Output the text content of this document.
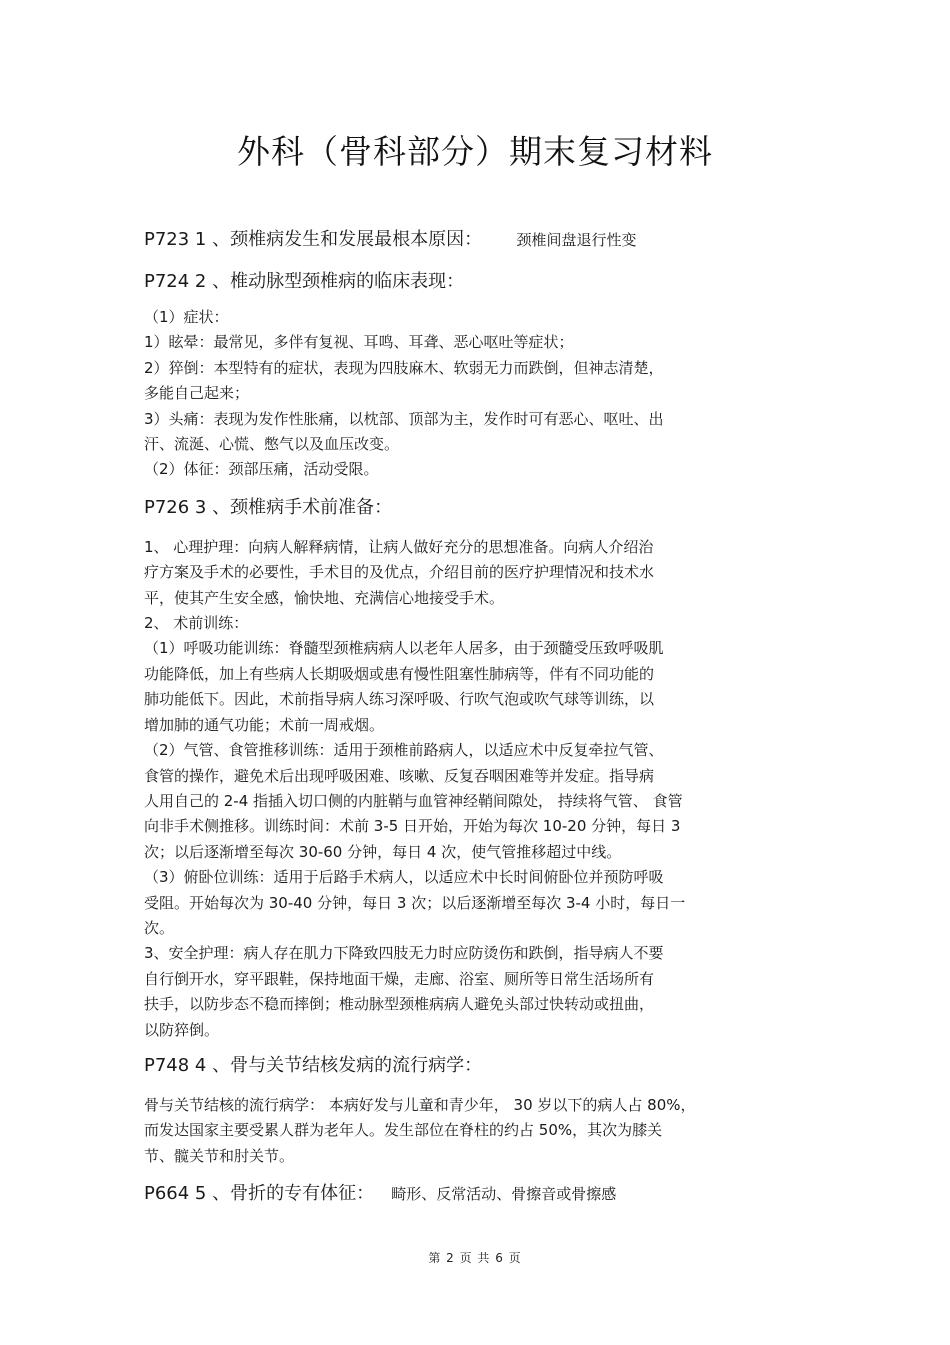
外科（骨科部分）期末复习材料

P723 1 、颈椎病发生和发展最根本原因： 颈椎间盘退行性变

P724 2 、椎动脉型颈椎病的临床表现：

（1）症状：

1）眩晕：最常见，多伴有复视、耳鸣、耳聋、恶心呕吐等症状；

2）猝倒：本型特有的症状，表现为四肢麻木、软弱无力而跌倒，但神志清楚，

多能自己起来；

3）头痛：表现为发作性胀痛，以枕部、顶部为主，发作时可有恶心、呕吐、出

汗、流涎、心慌、憋气以及血压改变。

（2）体征：颈部压痛，活动受限。

P726 3 、颈椎病手术前准备：

1、 心理护理：向病人解释病情，让病人做好充分的思想准备。向病人介绍治

疗方案及手术的必要性，手术目的及优点，介绍目前的医疗护理情况和技术水

平，使其产生安全感，愉快地、充满信心地接受手术。

2、 术前训练：

（1）呼吸功能训练：脊髓型颈椎病病人以老年人居多，由于颈髓受压致呼吸肌

功能降低，加上有些病人长期吸烟或患有慢性阻塞性肺病等，伴有不同功能的

肺功能低下。因此，术前指导病人练习深呼吸、行吹气泡或吹气球等训练，以

增加肺的通气功能；术前一周戒烟。

（2）气管、食管推移训练：适用于颈椎前路病人，以适应术中反复牵拉气管、

食管的操作，避免术后出现呼吸困难、咳嗽、反复吞咽困难等并发症。指导病

人用自己的 2-4 指插入切口侧的内脏鞘与血管神经鞘间隙处， 持续将气管、 食管

向非手术侧推移。训练时间：术前 3-5 日开始，开始为每次 10-20 分钟，每日 3

次；以后逐渐增至每次 30-60 分钟，每日 4 次，使气管推移超过中线。

（3）俯卧位训练：适用于后路手术病人，以适应术中长时间俯卧位并预防呼吸

受阻。开始每次为 30-40 分钟，每日 3 次；以后逐渐增至每次 3-4 小时，每日一

次。

3、安全护理：病人存在肌力下降致四肢无力时应防烫伤和跌倒，指导病人不要

自行倒开水，穿平跟鞋，保持地面干燥，走廊、浴室、厕所等日常生活场所有

扶手，以防步态不稳而摔倒；椎动脉型颈椎病病人避免头部过快转动或扭曲，

以防猝倒。

P748 4 、骨与关节结核发病的流行病学：

骨与关节结核的流行病学： 本病好发与儿童和青少年， 30 岁以下的病人占 80%，

而发达国家主要受累人群为老年人。发生部位在脊柱的约占 50%，其次为膝关

节、髋关节和肘关节。

P664 5 、骨折的专有体征： 畸形、反常活动、骨擦音或骨擦感

第 2 页 共 6 页
